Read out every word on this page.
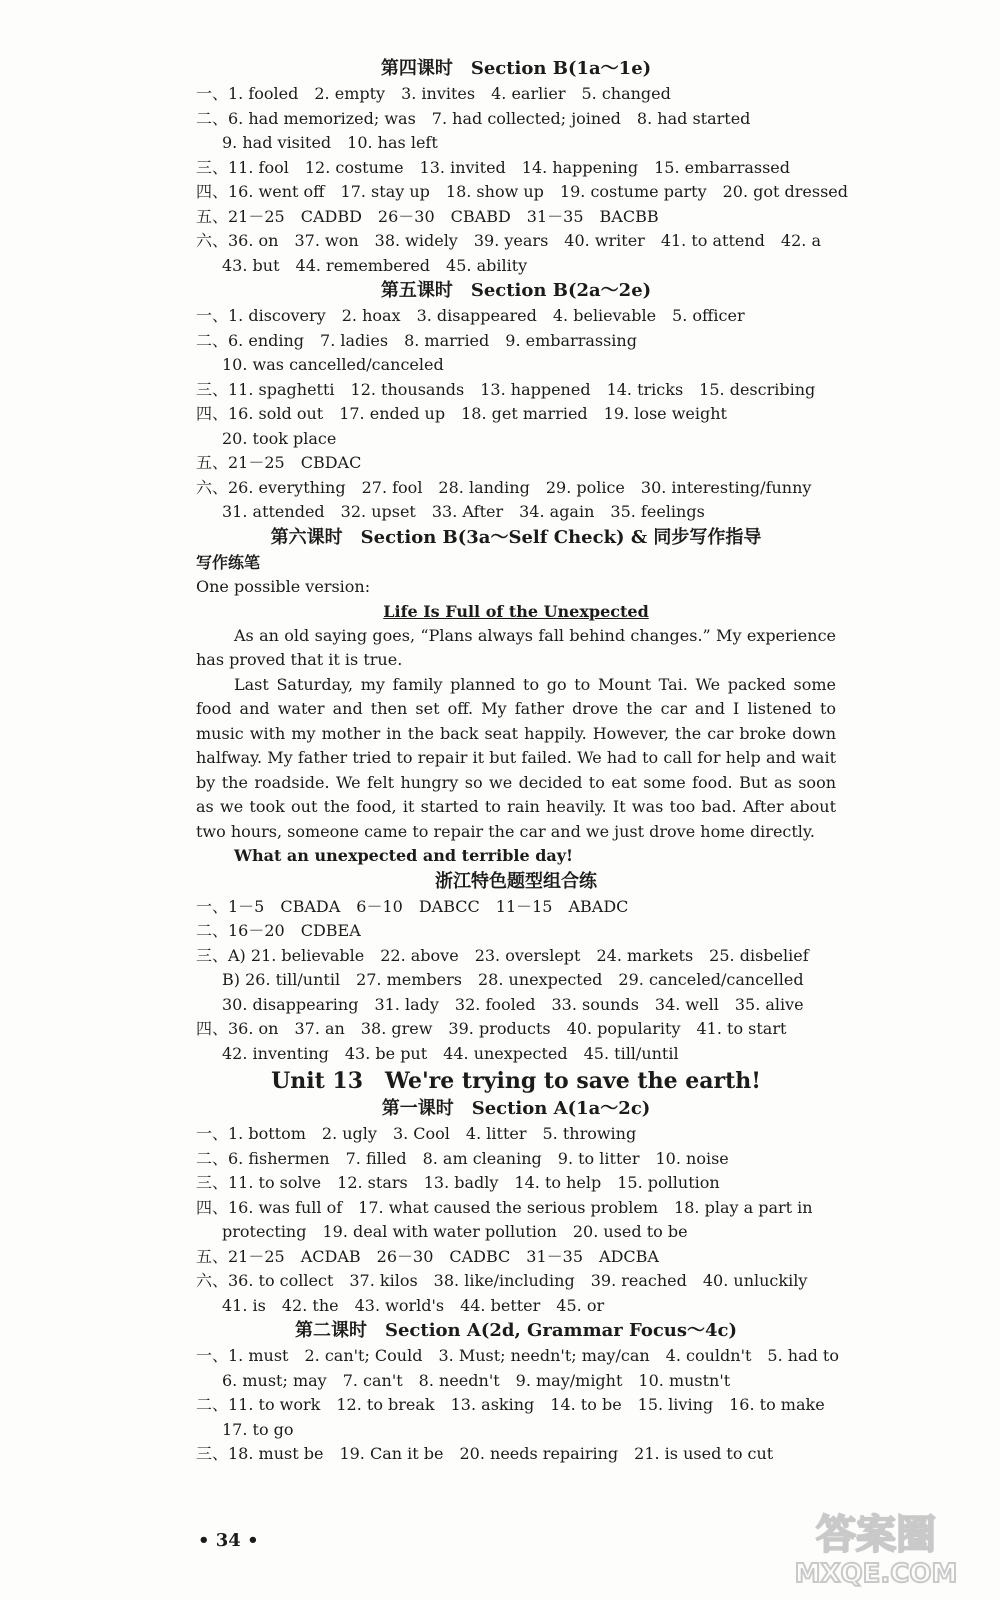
第四课时　Section B(1a～1e)
一、1. fooled　2. empty　3. invites　4. earlier　5. changed
二、6. had memorized; was　7. had collected; joined　8. had started
9. had visited　10. has left
三、11. fool　12. costume　13. invited　14. happening　15. embarrassed
四、16. went off　17. stay up　18. show up　19. costume party　20. got dressed
五、21－25　CADBD　26－30　CBABD　31－35　BACBB
六、36. on　37. won　38. widely　39. years　40. writer　41. to attend　42. a
43. but　44. remembered　45. ability
第五课时　Section B(2a～2e)
一、1. discovery　2. hoax　3. disappeared　4. believable　5. officer
二、6. ending　7. ladies　8. married　9. embarrassing
10. was cancelled/canceled
三、11. spaghetti　12. thousands　13. happened　14. tricks　15. describing
四、16. sold out　17. ended up　18. get married　19. lose weight
20. took place
五、21－25　CBDAC
六、26. everything　27. fool　28. landing　29. police　30. interesting/funny
31. attended　32. upset　33. After　34. again　35. feelings
第六课时　Section B(3a～Self Check) & 同步写作指导
写作练笔
One possible version:
Life Is Full of the Unexpected
As an old saying goes, “Plans always fall behind changes.” My experience has proved that it is true.
Last Saturday, my family planned to go to Mount Tai. We packed some food and water and then set off. My father drove the car and I listened to music with my mother in the back seat happily. However, the car broke down halfway. My father tried to repair it but failed. We had to call for help and wait by the roadside. We felt hungry so we decided to eat some food. But as soon as we took out the food, it started to rain heavily. It was too bad. After about two hours, someone came to repair the car and we just drove home directly.
What an unexpected and terrible day!
浙江特色题型组合练
一、1－5　CBADA　6－10　DABCC　11－15　ABADC
二、16－20　CDBEA
三、A) 21. believable　22. above　23. overslept　24. markets　25. disbelief
B) 26. till/until　27. members　28. unexpected　29. canceled/cancelled
30. disappearing　31. lady　32. fooled　33. sounds　34. well　35. alive
四、36. on　37. an　38. grew　39. products　40. popularity　41. to start
42. inventing　43. be put　44. unexpected　45. till/until
Unit 13　We're trying to save the earth!
第一课时　Section A(1a～2c)
一、1. bottom　2. ugly　3. Cool　4. litter　5. throwing
二、6. fishermen　7. filled　8. am cleaning　9. to litter　10. noise
三、11. to solve　12. stars　13. badly　14. to help　15. pollution
四、16. was full of　17. what caused the serious problem　18. play a part in
protecting　19. deal with water pollution　20. used to be
五、21－25　ACDAB　26－30　CADBC　31－35　ADCBA
六、36. to collect　37. kilos　38. like/including　39. reached　40. unluckily
41. is　42. the　43. world's　44. better　45. or
第二课时　Section A(2d, Grammar Focus～4c)
一、1. must　2. can't; Could　3. Must; needn't; may/can　4. couldn't　5. had to
6. must; may　7. can't　8. needn't　9. may/might　10. mustn't
二、11. to work　12. to break　13. asking　14. to be　15. living　16. to make
17. to go
三、18. must be　19. Can it be　20. needs repairing　21. is used to cut
• 34 •	答案圈
MXQE.COM
